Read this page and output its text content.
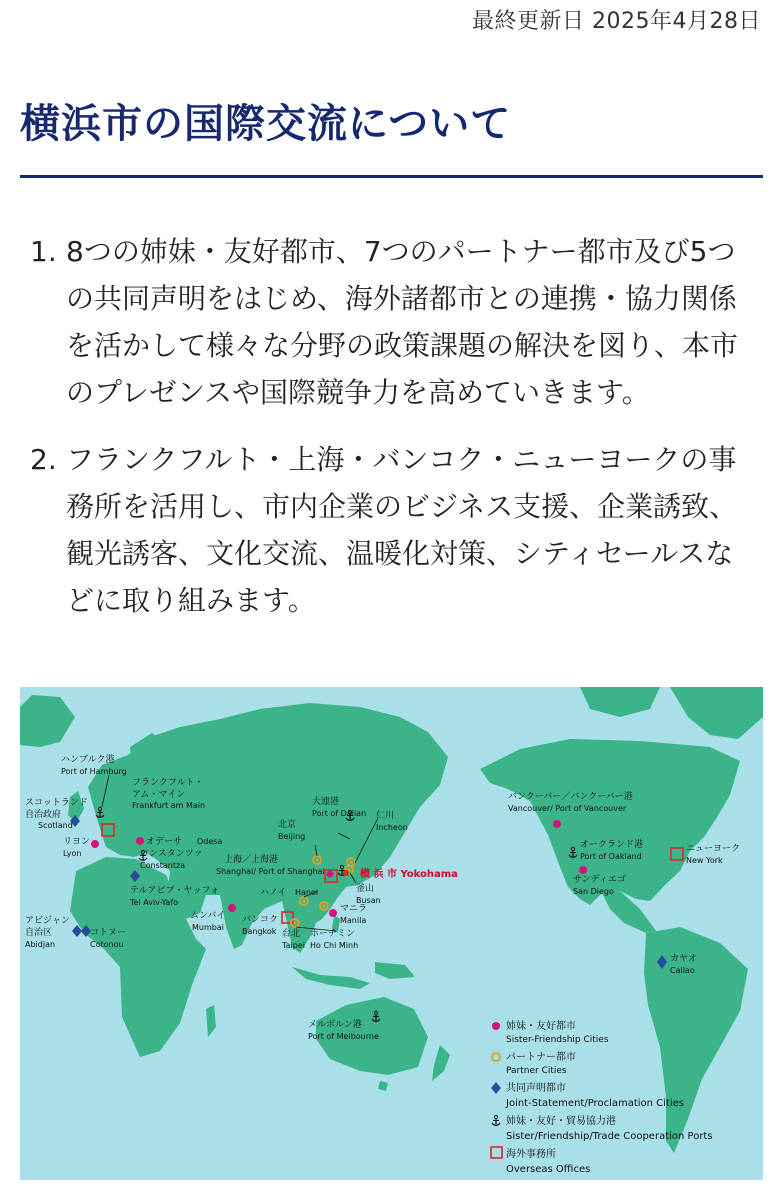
最終更新日 2025年4月28日
横浜市の国際交流について
1. 8つの姉妹・友好都市、7つのパートナー都市及び5つの共同声明をはじめ、海外諸都市との連携・協力関係を活かして様々な分野の政策課題の解決を図り、本市のプレゼンスや国際競争力を高めていきます。
2. フランクフルト・上海・バンコク・ニューヨークの事務所を活用し、市内企業のビジネス支援、企業誘致、観光誘客、文化交流、温暖化対策、シティセールスなどに取り組みます。
ハンブルク港
Port of Hamburg
フランクフルト・
アム・マイン
Frankfurt am Main
スコットランド
自治政府
Scotland
リヨン
Lyon
オデーサ Odesa
コンスタンツァ
Constantza
テルアビブ・ヤッフォ
Tel Aviv-Yafo
アビジャン
自治区
Abidjan
コトヌー
Cotonou
ムンバイ
Mumbai
バンコク
Bangkok
ハノイ Hanoi
台北
Taipei
ホーチミン
Ho Chi Minh
マニラ
Manila
上海／上海港
Shanghai/ Port of Shanghai
北京
Beijing
大連港
Port of Dalian 仁川
Incheon
釜山
Busan
メルボルン港
Port of Melbourne
バンクーバー／バンクーバー港
Vancouver/ Port of Vancouver
オークランド港
Port of Oakland
サンディエゴ
San Diego
ニューヨーク
New York
カヤオ
Callao
横 浜 市 Yokohama
姉妹・友好都市
Sister-Friendship Cities
パートナー都市
Partner Cities
共同声明都市
Joint-Statement/Proclamation Cities
姉妹・友好・貿易協力港
Sister/Friendship/Trade Cooperation Ports
海外事務所
Overseas Offices
